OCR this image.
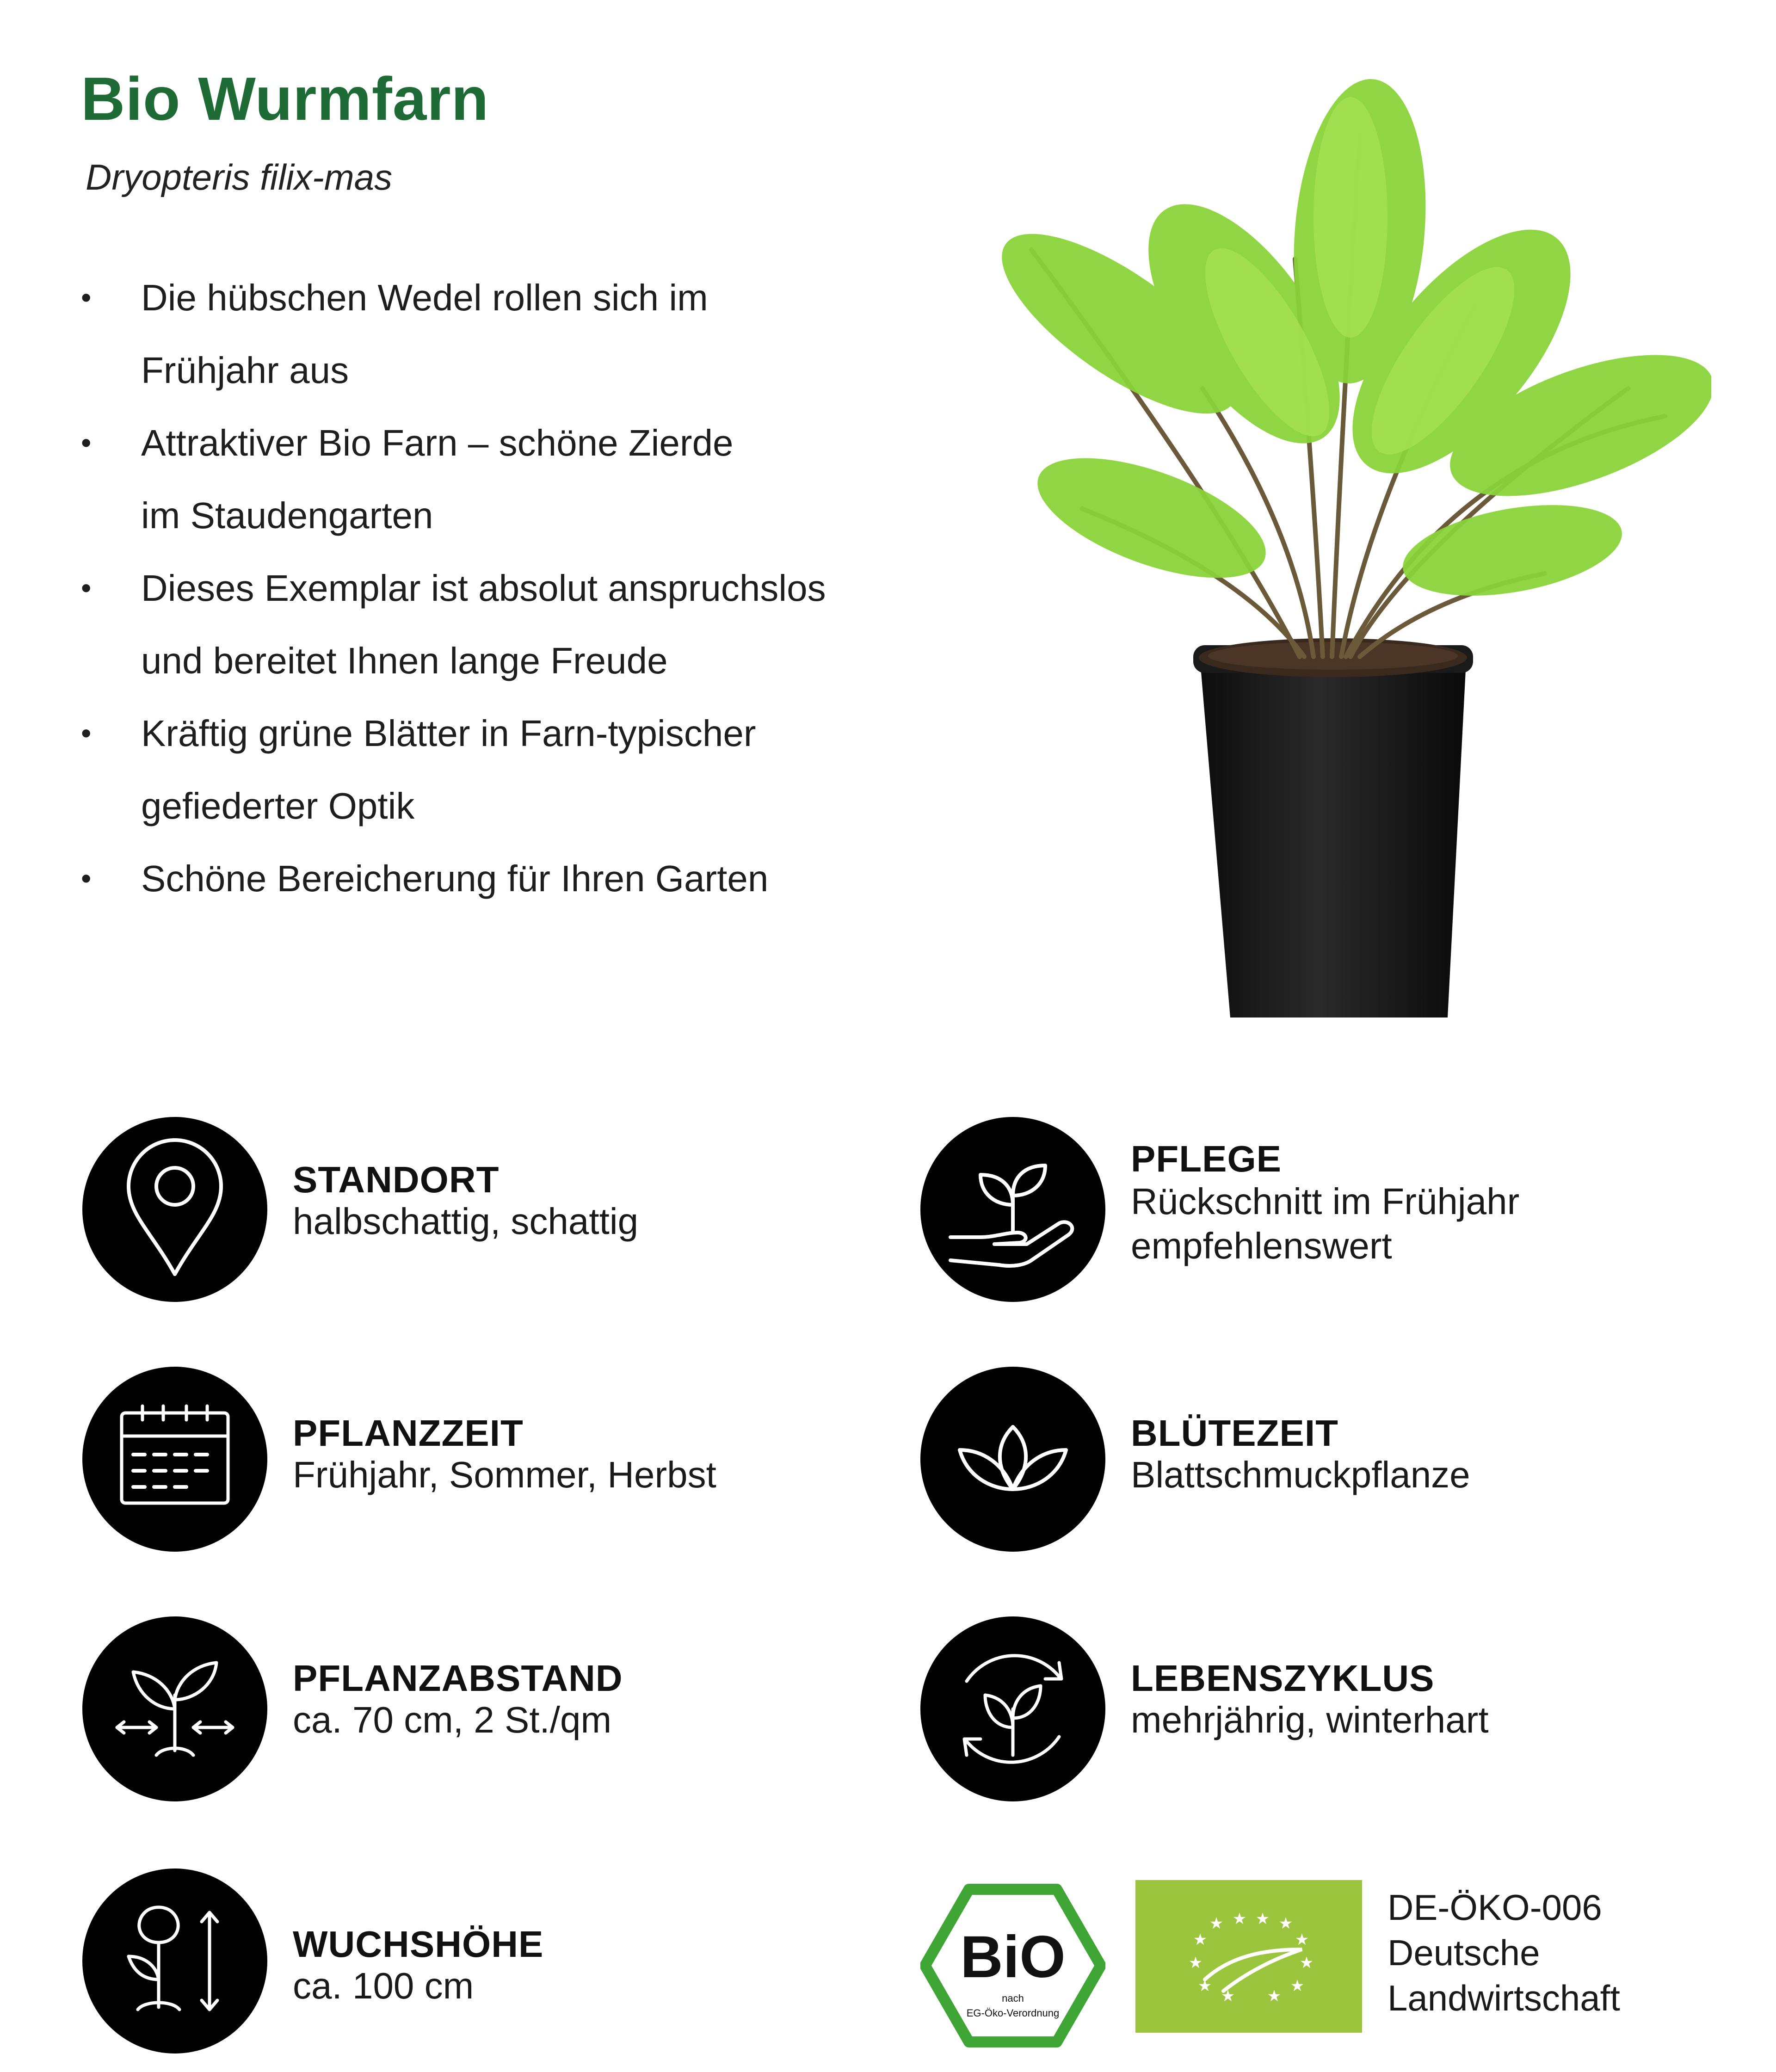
Bio Wurmfarn
Dryopteris filix-mas
• Die hübschen Wedel rollen sich im
Frühjahr aus
• Attraktiver Bio Farn – schöne Zierde
im Staudengarten
• Dieses Exemplar ist absolut anspruchslos
und bereitet Ihnen lange Freude
• Kräftig grüne Blätter in Farn-typischer
gefiederter Optik
• Schöne Bereicherung für Ihren Garten
STANDORT
halbschattig, schattig
PFLEGE
Rückschnitt im Frühjahr
empfehlenswert
PFLANZZEIT
Frühjahr, Sommer, Herbst
BLÜTEZEIT
Blattschmuckpflanze
PFLANZABSTAND
ca. 70 cm, 2 St./qm
LEBENSZYKLUS
mehrjährig, winterhart
WUCHSHÖHE
ca. 100 cm	BiO
nach
EG-Öko-Verordnung
★ ★ ★ ★
★	★
★	★
★	★
★ ★
DE-ÖKO-006
Deutsche
Landwirtschaft
